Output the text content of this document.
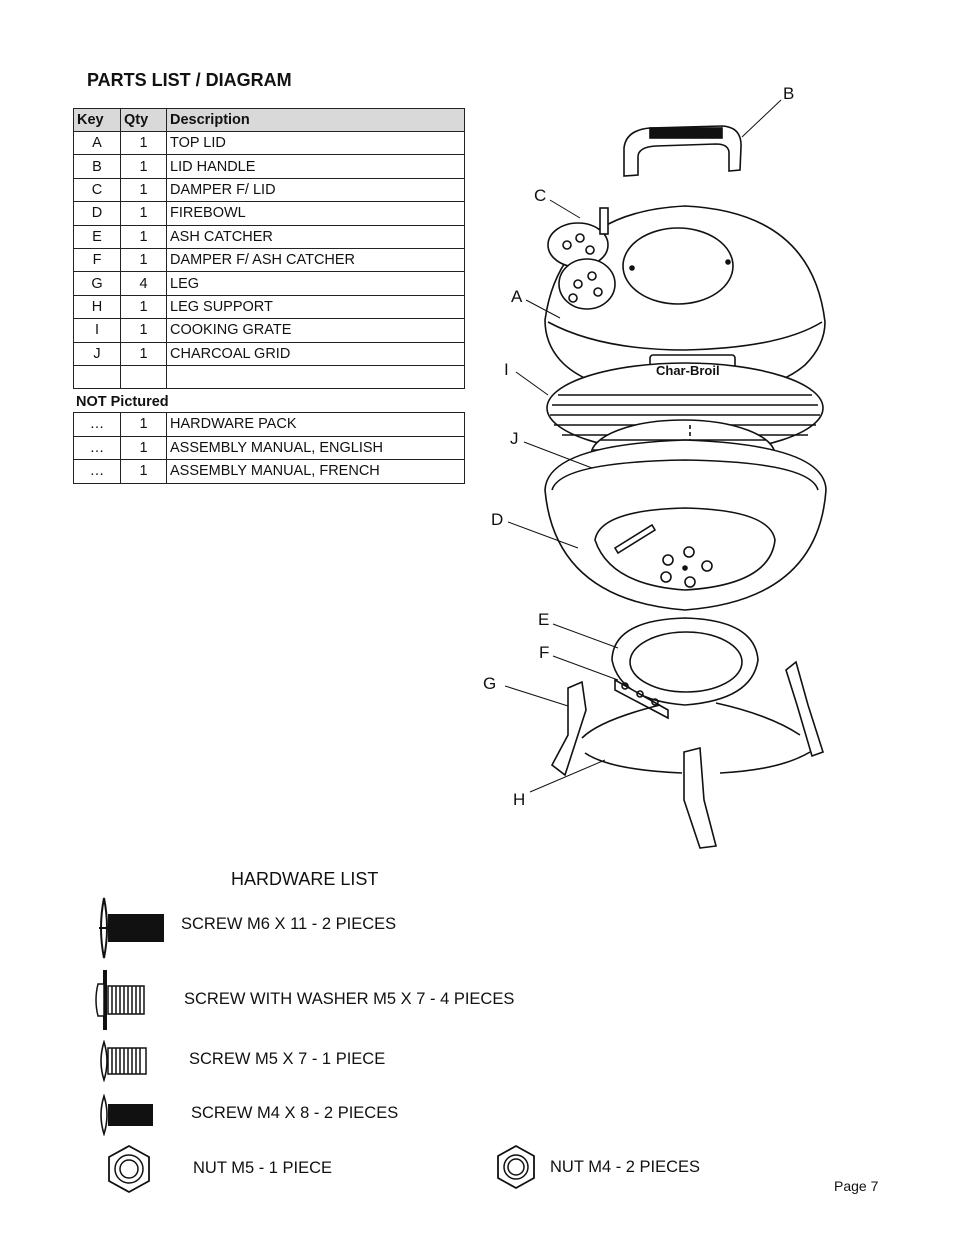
PARTS LIST / DIAGRAM
Key	Qty	Description
A	1	TOP LID
B	1	LID HANDLE
C	1	DAMPER F/ LID
D	1	FIREBOWL
E	1	ASH CATCHER
F	1	DAMPER F/ ASH CATCHER
G	4	LEG
H	1	LEG SUPPORT
I	1	COOKING GRATE
J	1	CHARCOAL GRID

NOT Pictured
…	1	HARDWARE PACK
…	1	ASSEMBLY MANUAL, ENGLISH
…	1	ASSEMBLY MANUAL, FRENCH
B
C
A
I
J
D
E
F
G
H
Char-Broil
HARDWARE LIST
SCREW M6 X 11 - 2 PIECES
SCREW WITH WASHER M5 X 7 - 4 PIECES
SCREW M5 X 7 - 1 PIECE
SCREW M4 X 8 - 2 PIECES
NUT M5 - 1 PIECE	NUT M4 - 2 PIECES
Page 7
